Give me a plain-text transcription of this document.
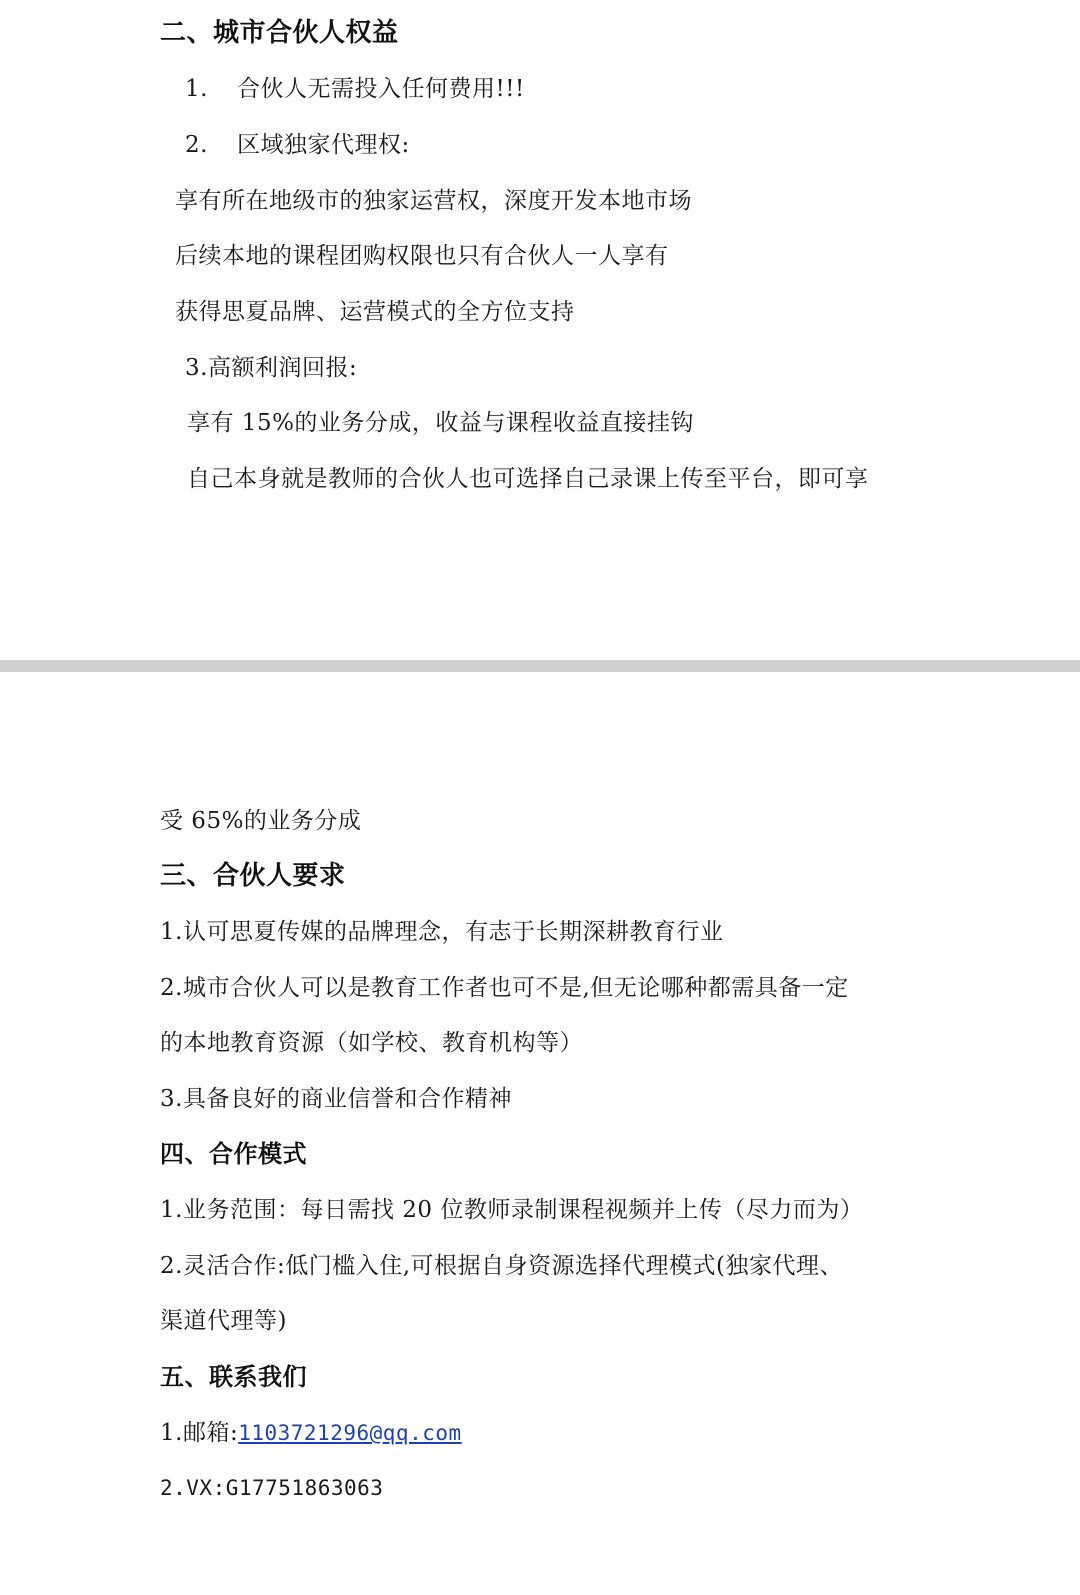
二、城市合伙人权益
1. 合伙人无需投入任何费用!!!
2. 区域独家代理权:
享有所在地级市的独家运营权，深度开发本地市场
后续本地的课程团购权限也只有合伙人一人享有
获得思夏品牌、运营模式的全方位支持
3.高额利润回报:
享有 15%的业务分成，收益与课程收益直接挂钩
自己本身就是教师的合伙人也可选择自己录课上传至平台，即可享
受 65%的业务分成
三、合伙人要求
1.认可思夏传媒的品牌理念，有志于长期深耕教育行业
2.城市合伙人可以是教育工作者也可不是,但无论哪种都需具备一定
的本地教育资源（如学校、教育机构等）
3.具备良好的商业信誉和合作精神
四、合作模式
1.业务范围：每日需找 20 位教师录制课程视频并上传（尽力而为）
2.灵活合作:低门槛入住,可根据自身资源选择代理模式(独家代理、
渠道代理等)
五、联系我们
1.邮箱:1103721296@qq.com
2.VX:G17751863063
